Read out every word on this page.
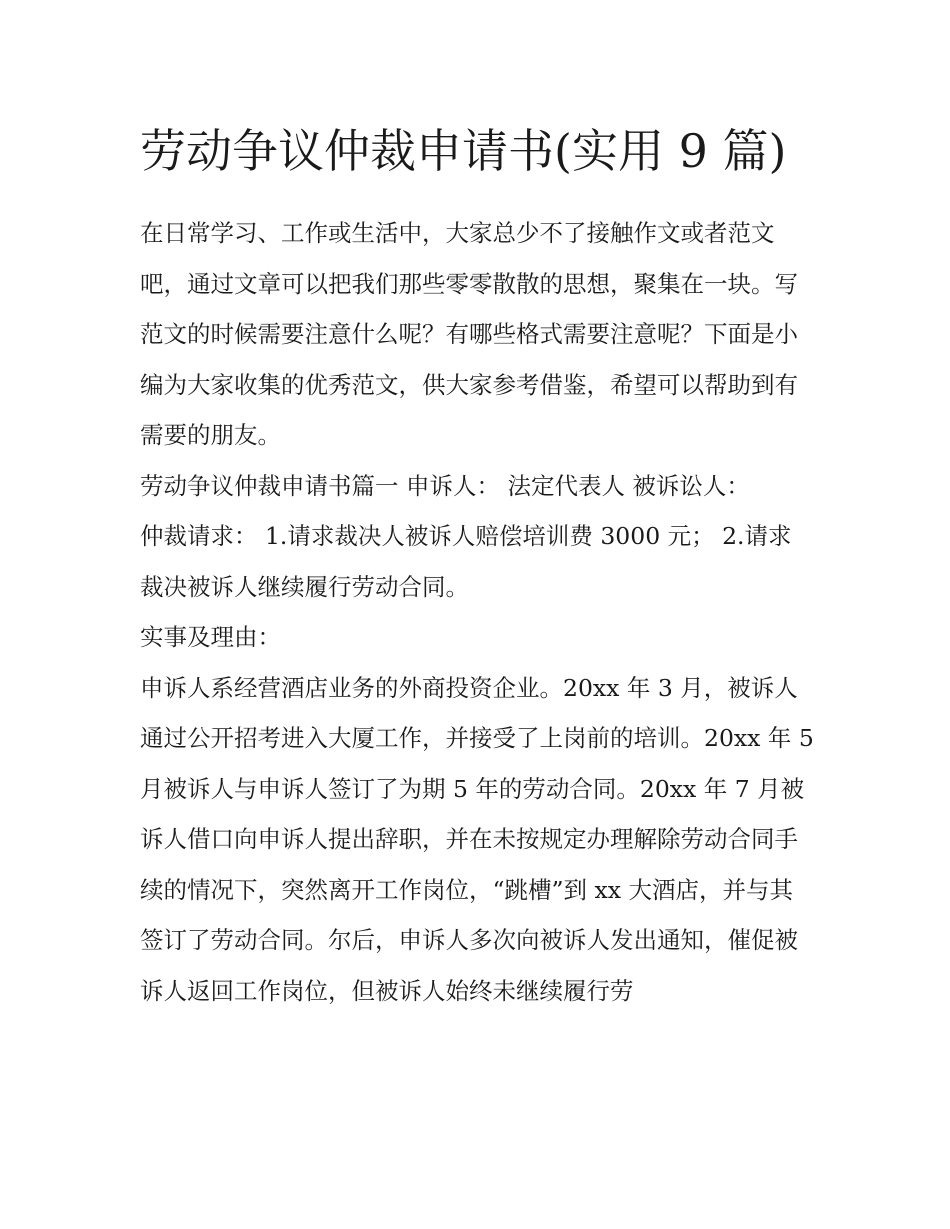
劳动争议仲裁申请书(实用 9 篇)

在日常学习、工作或生活中，大家总少不了接触作文或者范文吧，通过文章可以把我们那些零零散散的思想，聚集在一块。写范文的时候需要注意什么呢？有哪些格式需要注意呢？下面是小编为大家收集的优秀范文，供大家参考借鉴，希望可以帮助到有需要的朋友。

劳动争议仲裁申请书篇一 申诉人： 法定代表人 被诉讼人：

仲裁请求： 1.请求裁决人被诉人赔偿培训费 3000 元； 2.请求裁决被诉人继续履行劳动合同。

实事及理由：

申诉人系经营酒店业务的外商投资企业。20xx 年 3 月，被诉人通过公开招考进入大厦工作，并接受了上岗前的培训。20xx 年 5 月被诉人与申诉人签订了为期 5 年的劳动合同。20xx 年 7 月被诉人借口向申诉人提出辞职，并在未按规定办理解除劳动合同手续的情况下，突然离开工作岗位，“跳槽”到 xx 大酒店，并与其签订了劳动合同。尔后，申诉人多次向被诉人发出通知，催促被诉人返回工作岗位，但被诉人始终未继续履行劳
